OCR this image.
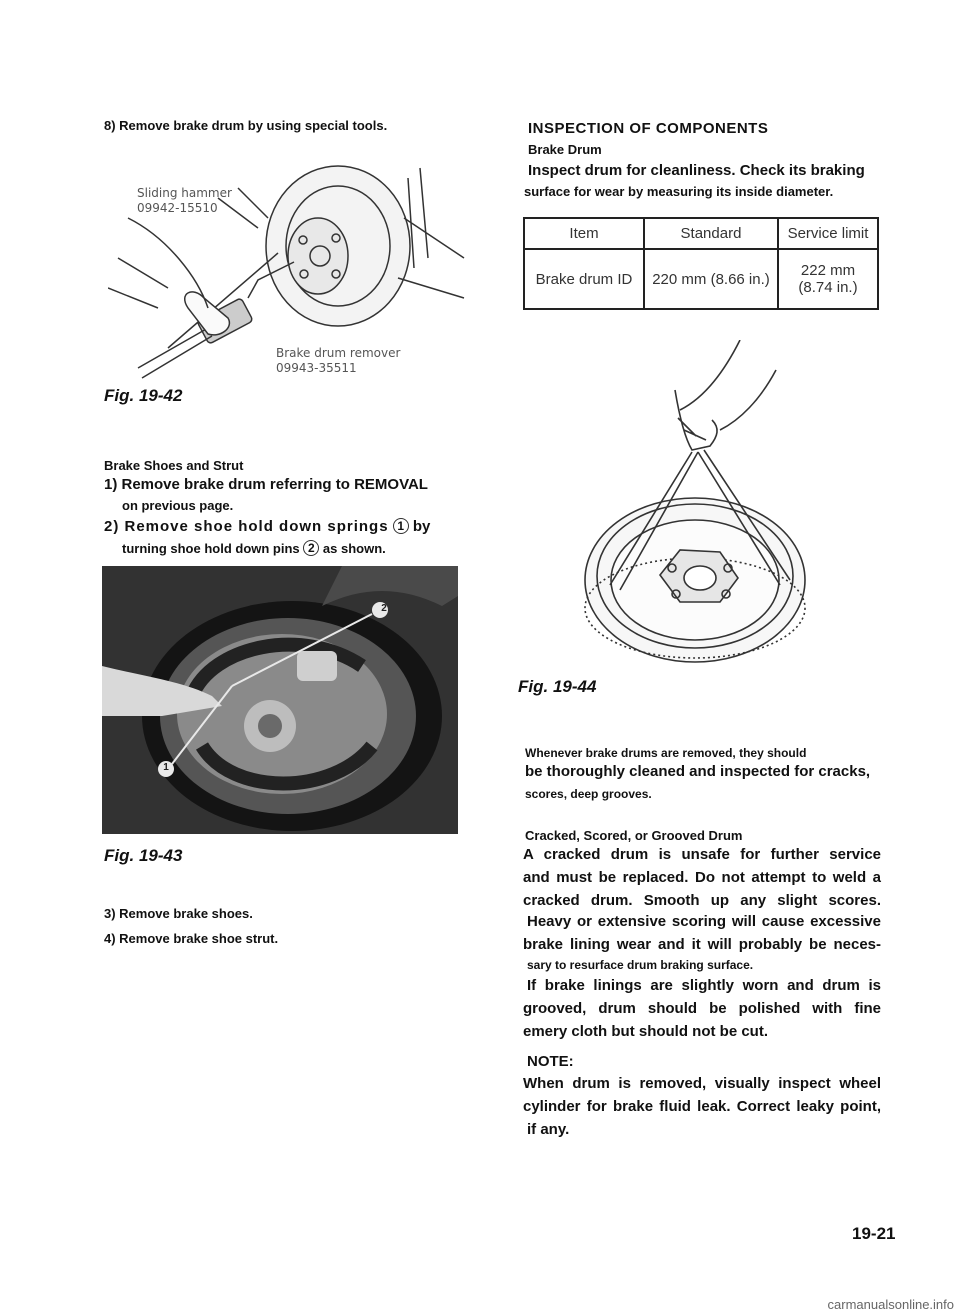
8) Remove brake drum by using special tools.
Sliding hammer
09942-15510
Brake drum remover
09943-35511
Fig. 19-42
Brake Shoes and Strut
1) Remove brake drum referring to REMOVAL
on previous page.
2) Remove shoe hold down springs 1 by
turning shoe hold down pins 2 as shown.
2
1
Fig. 19-43
3) Remove brake shoes.
4) Remove brake shoe strut.
INSPECTION OF COMPONENTS
Brake Drum
Inspect drum for cleanliness. Check its braking
surface for wear by measuring its inside diameter.
Item	Standard	Service limit
Brake drum ID	220 mm (8.66 in.)	222 mm (8.74 in.)
Fig. 19-44
Whenever brake drums are removed, they should
be thoroughly cleaned and inspected for cracks,
scores, deep grooves.
Cracked, Scored, or Grooved Drum
A cracked drum is unsafe for further service
and must be replaced. Do not attempt to weld a
cracked drum. Smooth up any slight scores.
Heavy or extensive scoring will cause excessive
brake lining wear and it will probably be neces-
sary to resurface drum braking surface.
If brake linings are slightly worn and drum is
grooved, drum should be polished with fine
emery cloth but should not be cut.
NOTE:
When drum is removed, visually inspect wheel
cylinder for brake fluid leak. Correct leaky point,
if any.
19-21
carmanualsonline.info
